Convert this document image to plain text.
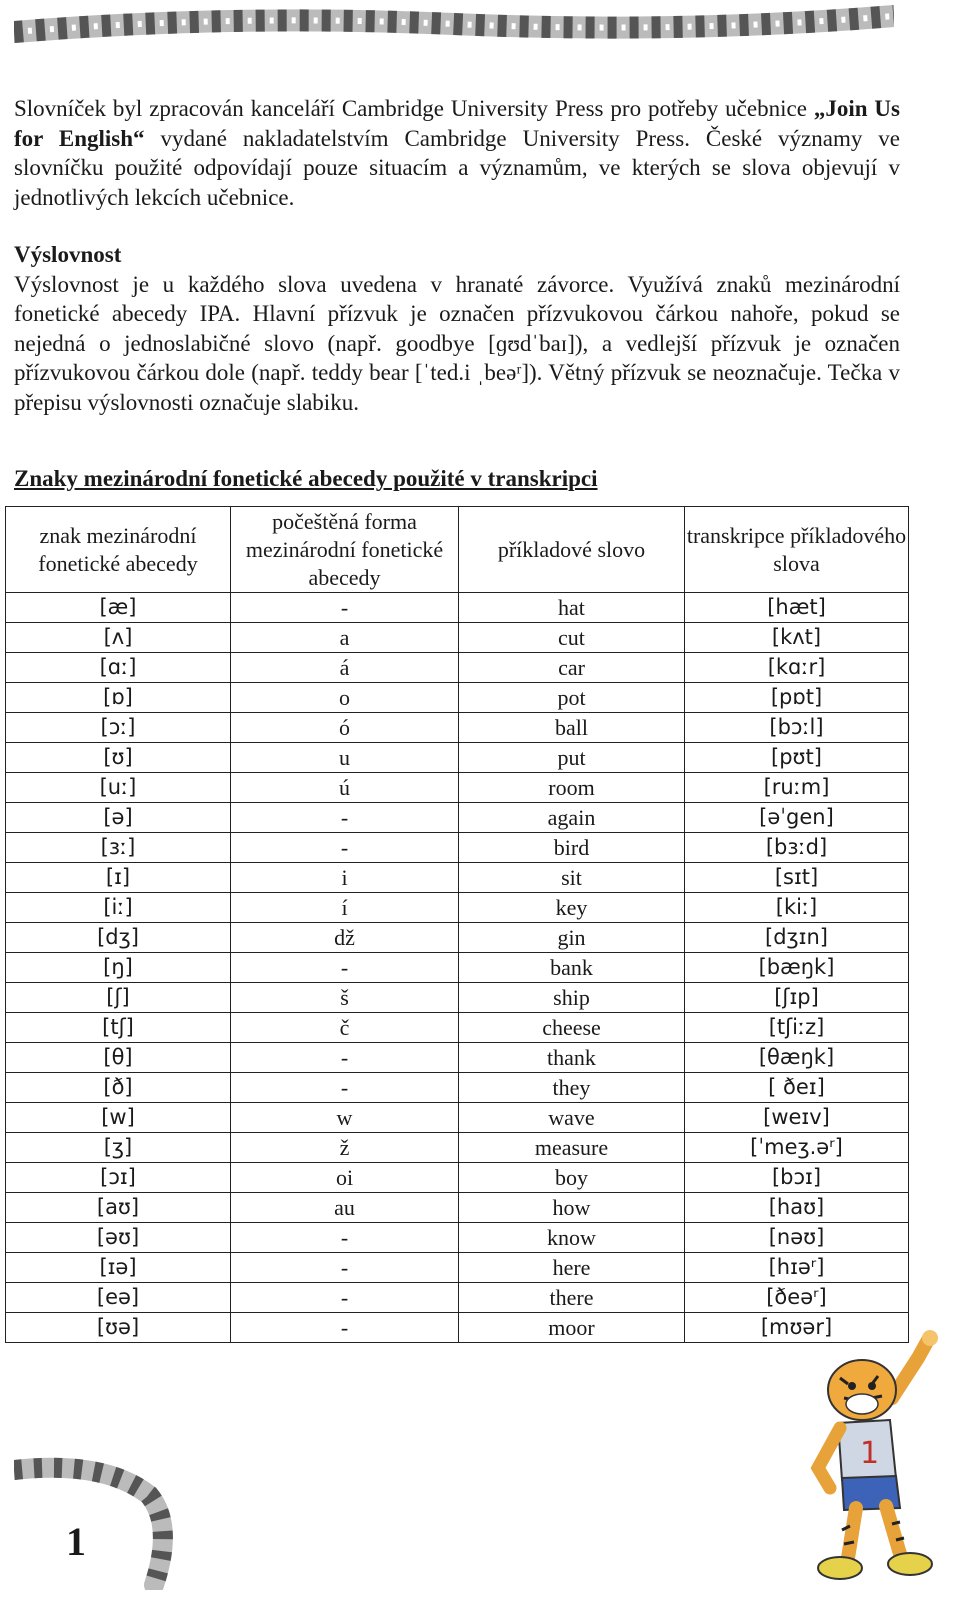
Slovníček byl zpracován kanceláří Cambridge University Press pro potřeby učebnice „Join Us for English“ vydané nakladatelstvím Cambridge University Press. České významy ve slovníčku použité odpovídají pouze situacím a významům, ve kterých se slova objevují v jednotlivých lekcích učebnice.

Výslovnost

Výslovnost je u každého slova uvedena v hranaté závorce. Využívá znaků mezinárodní fonetické abecedy IPA. Hlavní přízvuk je označen přízvukovou čárkou nahoře, pokud se nejedná o jednoslabičné slovo (např. goodbye [ɡʊdˈbaɪ]), a vedlejší přízvuk je označen přízvukovou čárkou dole (např. teddy bear [ˈted.i ˌbeəʳ]). Větný přízvuk se neoznačuje. Tečka v přepisu výslovnosti označuje slabiku.

Znaky mezinárodní fonetické abecedy použité v transkripci
znak mezinárodní fonetické abecedy	počeštěná forma mezinárodní fonetické abecedy	příkladové slovo	transkripce příkladového slova
[æ]	-	hat	[hæt]
[ʌ]	a	cut	[kʌt]
[ɑː]	á	car	[kɑːr]
[ɒ]	o	pot	[pɒt]
[ɔː]	ó	ball	[bɔːl]
[ʊ]	u	put	[pʊt]
[uː]	ú	room	[ruːm]
[ə]	-	again	[əˈgen]
[ɜː]	-	bird	[bɜːd]
[ɪ]	i	sit	[sɪt]
[iː]	í	key	[kiː]
[dʒ]	dž	gin	[dʒɪn]
[ŋ]	-	bank	[bæŋk]
[ʃ]	š	ship	[ʃɪp]
[tʃ]	č	cheese	[tʃiːz]
[θ]	-	thank	[θæŋk]
[ð]	-	they	[ ðeɪ]
[w]	w	wave	[weɪv]
[ʒ]	ž	measure	[ˈmeʒ.əʳ]
[ɔɪ]	oi	boy	[bɔɪ]
[aʊ]	au	how	[haʊ]
[əʊ]	-	know	[nəʊ]
[ɪə]	-	here	[hɪəʳ]
[eə]	-	there	[ðeəʳ]
[ʊə]	-	moor	[mʊər]
1
1
